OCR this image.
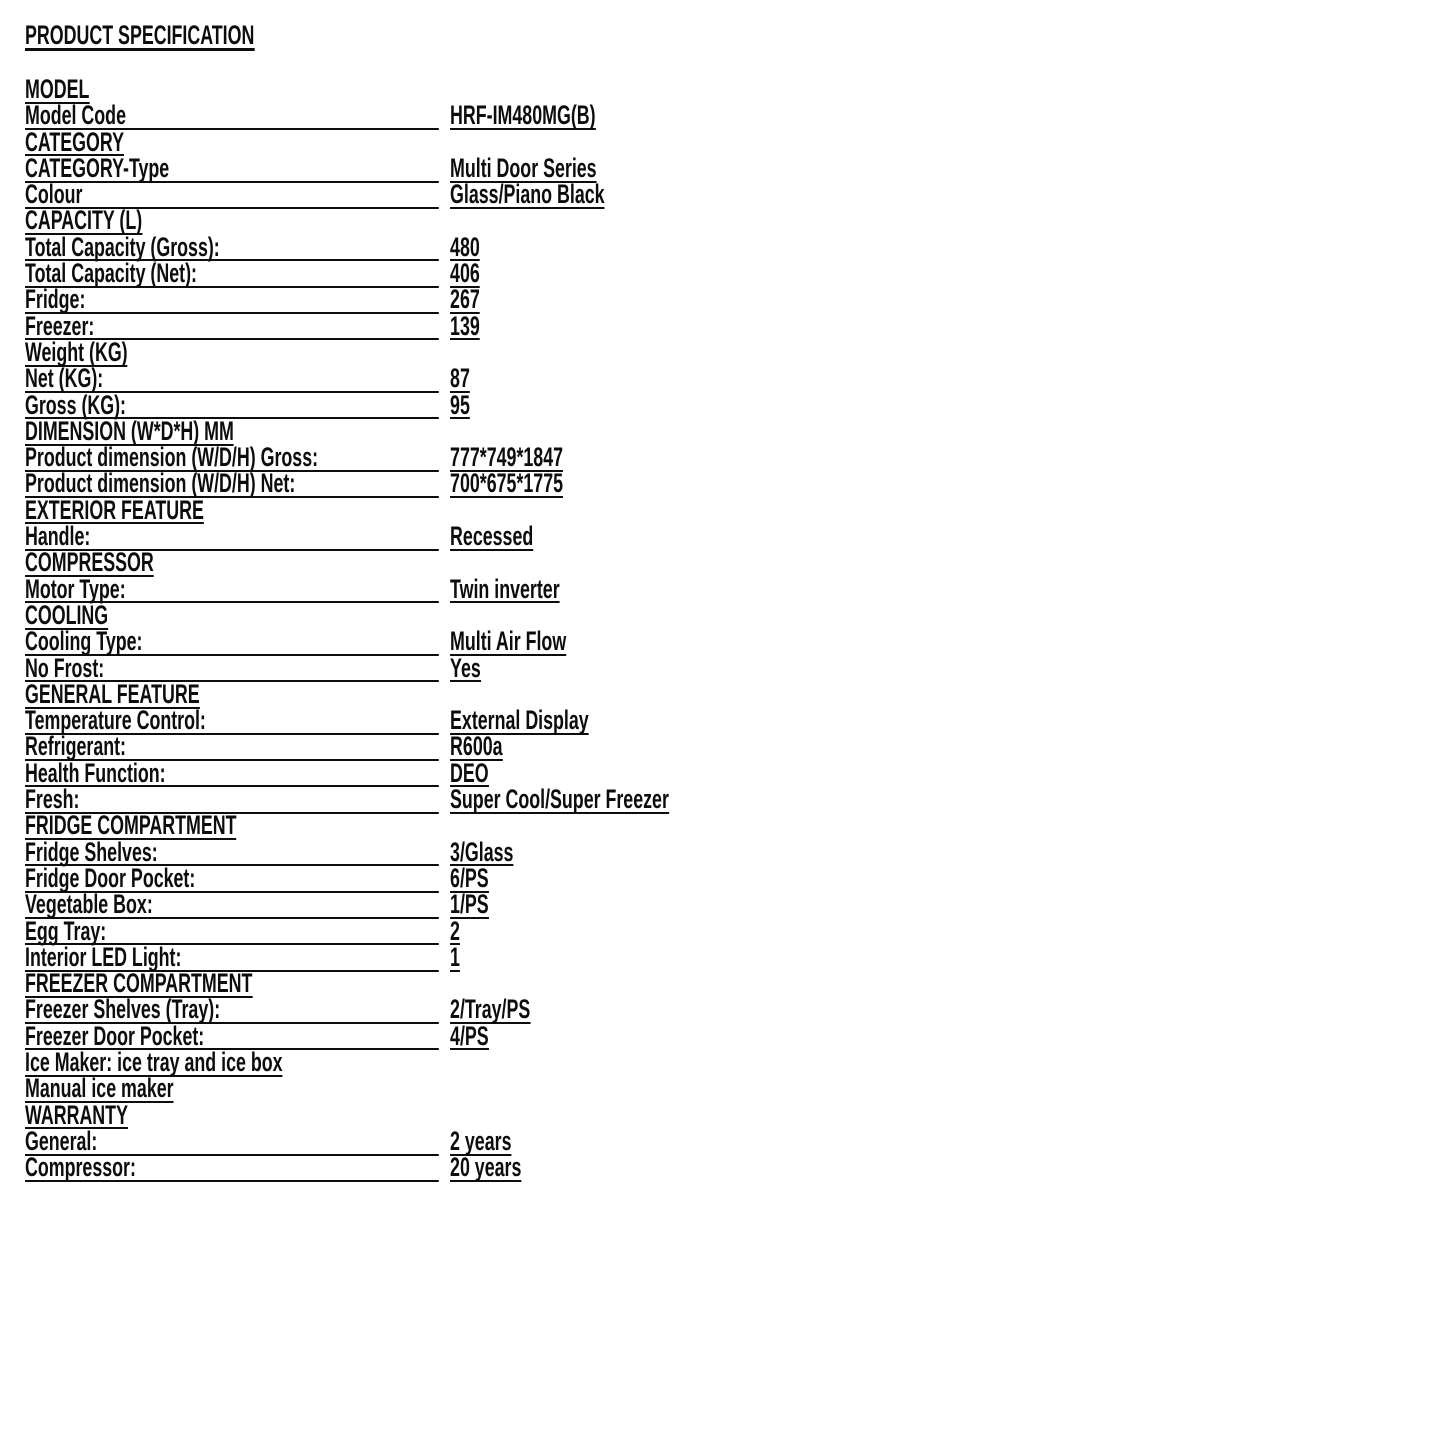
PRODUCT SPECIFICATION
MODEL
Model Code	HRF-IM480MG(B)
CATEGORY
CATEGORY-Type	Multi Door Series
Colour	Glass/Piano Black
CAPACITY (L)
Total Capacity (Gross):	480
Total Capacity (Net):	406
Fridge:	267
Freezer:	139
Weight (KG)
Net (KG):	87
Gross (KG):	95
DIMENSION (W*D*H) MM
Product dimension (W/D/H) Gross:	777*749*1847
Product dimension (W/D/H) Net:	700*675*1775
EXTERIOR FEATURE
Handle:	Recessed
COMPRESSOR
Motor Type:	Twin inverter
COOLING
Cooling Type:	Multi Air Flow
No Frost:	Yes
GENERAL FEATURE
Temperature Control:	External Display
Refrigerant:	R600a
Health Function:	DEO
Fresh:	Super Cool/Super Freezer
FRIDGE COMPARTMENT
Fridge Shelves:	3/Glass
Fridge Door Pocket:	6/PS
Vegetable Box:	1/PS
Egg Tray:	2
Interior LED Light:	1
FREEZER COMPARTMENT
Freezer Shelves (Tray):	2/Tray/PS
Freezer Door Pocket:	4/PS
Ice Maker: ice tray and ice box
Manual ice maker
WARRANTY
General:	2 years
Compressor:	20 years
